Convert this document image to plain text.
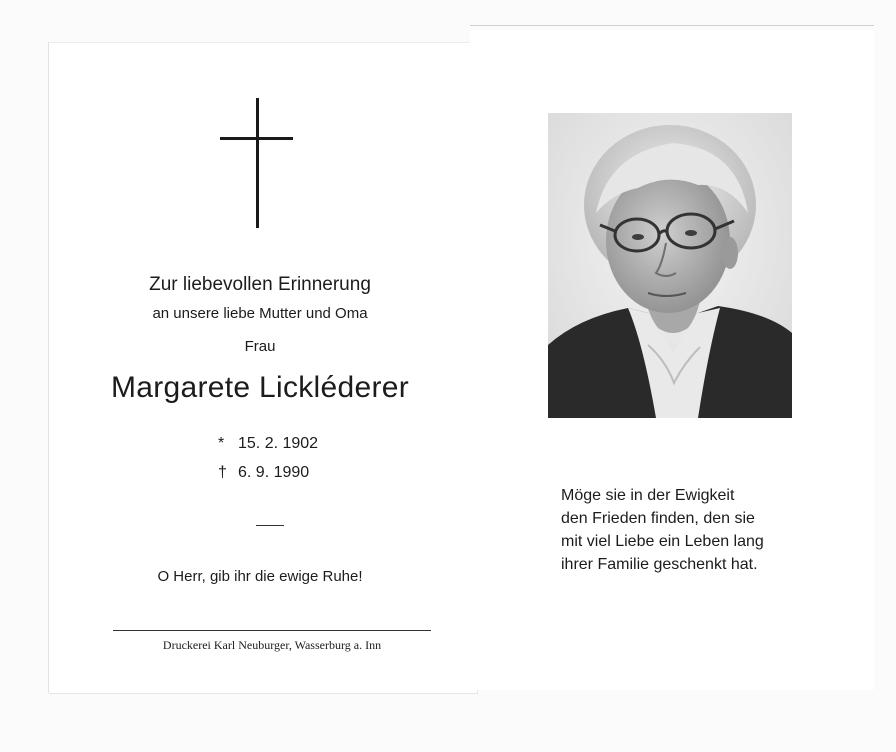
Zur liebevollen Erinnerung
an unsere liebe Mutter und Oma
Frau
Margarete Lickléderer
* 15. 2. 1902
† 6. 9. 1990
O Herr, gib ihr die ewige Ruhe!
Druckerei Karl Neuburger, Wasserburg a. Inn
Möge sie in der Ewigkeit
den Frieden finden, den sie
mit viel Liebe ein Leben lang
ihrer Familie geschenkt hat.
